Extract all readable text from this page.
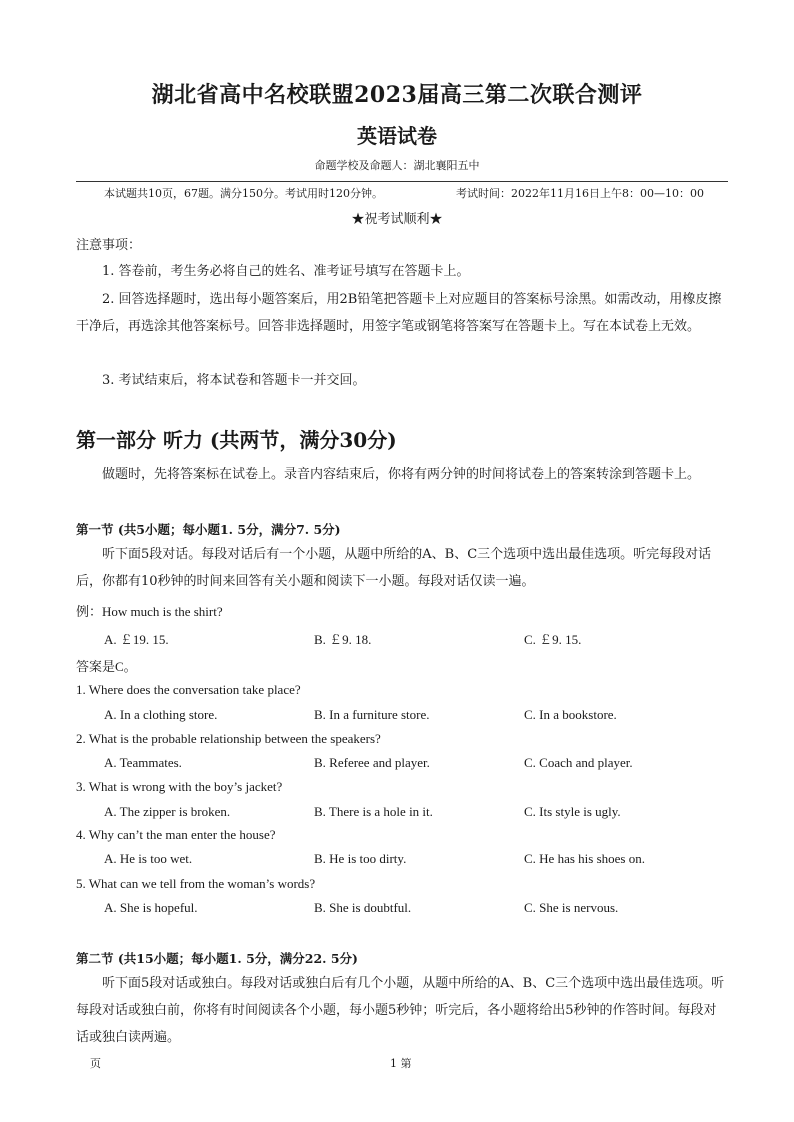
湖北省高中名校联盟2023届高三第二次联合测评
英语试卷
命题学校及命题人：湖北襄阳五中
本试题共10页，67题。满分150分。考试用时120分钟。	考试时间：2022年11月16日上午8：00—10：00
★祝考试顺利★

注意事项：

1. 答卷前，考生务必将自己的姓名、准考证号填写在答题卡上。

2. 回答选择题时，选出每小题答案后，用2B铅笔把答题卡上对应题目的答案标号涂黑。如需改动，用橡皮擦干净后，再选涂其他答案标号。回答非选择题时，用签字笔或钢笔将答案写在答题卡上。写在本试卷上无效。

3. 考试结束后，将本试卷和答题卡一并交回。

第一部分 听力 (共两节，满分30分)

做题时，先将答案标在试卷上。录音内容结束后，你将有两分钟的时间将试卷上的答案转涂到答题卡上。

第一节 (共5小题；每小题1. 5分，满分7. 5分)

听下面5段对话。每段对话后有一个小题，从题中所给的A、B、C三个选项中选出最佳选项。听完每段对话后，你都有10秒钟的时间来回答有关小题和阅读下一小题。每段对话仅读一遍。

例：How much is the shirt?
A. ￡19. 15.	B. ￡9. 18.	C. ￡9. 15.
答案是C。
1. Where does the conversation take place?
A. In a clothing store.	B. In a furniture store.	C. In a bookstore.
2. What is the probable relationship between the speakers?
A. Teammates.	B. Referee and player.	C. Coach and player.
3. What is wrong with the boy’s jacket?
A. The zipper is broken.	B. There is a hole in it.	C. Its style is ugly.
4. Why can’t the man enter the house?
A. He is too wet.	B. He is too dirty.	C. He has his shoes on.
5. What can we tell from the woman’s words?
A. She is hopeful.	B. She is doubtful.	C. She is nervous.
第二节 (共15小题；每小题1. 5分，满分22. 5分)

听下面5段对话或独白。每段对话或独白后有几个小题，从题中所给的A、B、C三个选项中选出最佳选项。听每段对话或独白前，你将有时间阅读各个小题，每小题5秒钟；听完后，各小题将给出5秒钟的作答时间。每段对话或独白读两遍。

页	1 第
